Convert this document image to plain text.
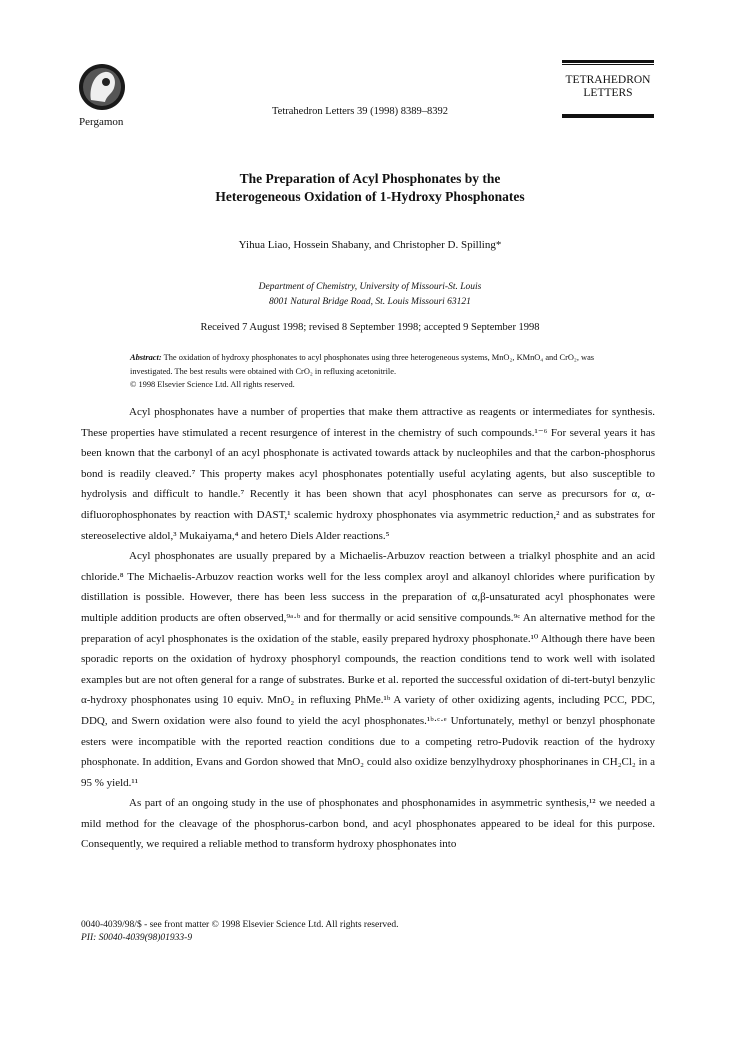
Pergamon
Tetrahedron Letters 39 (1998) 8389–8392
TETRAHEDRON
LETTERS
The Preparation of Acyl Phosphonates by the
Heterogeneous Oxidation of 1-Hydroxy Phosphonates
Yihua Liao, Hossein Shabany, and Christopher D. Spilling*
Department of Chemistry, University of Missouri-St. Louis
8001 Natural Bridge Road, St. Louis Missouri 63121
Received 7 August 1998; revised 8 September 1998; accepted 9 September 1998
Abstract: The oxidation of hydroxy phosphonates to acyl phosphonates using three heterogeneous systems, MnO₂, KMnO₄ and CrO₂, was investigated. The best results were obtained with CrO₂ in refluxing acetonitrile.
© 1998 Elsevier Science Ltd. All rights reserved.

Acyl phosphonates have a number of properties that make them attractive as reagents or intermediates for synthesis. These properties have stimulated a recent resurgence of interest in the chemistry of such compounds.¹⁻⁶ For several years it has been known that the carbonyl of an acyl phosphonate is activated towards attack by nucleophiles and that the carbon-phosphorus bond is readily cleaved.⁷ This property makes acyl phosphonates potentially useful acylating agents, but also susceptible to hydrolysis and difficult to handle.⁷ Recently it has been shown that acyl phosphonates can serve as precursors for α, α-difluorophosphonates by reaction with DAST,¹ scalemic hydroxy phosphonates via asymmetric reduction,² and as substrates for stereoselective aldol,³ Mukaiyama,⁴ and hetero Diels Alder reactions.⁵

Acyl phosphonates are usually prepared by a Michaelis-Arbuzov reaction between a trialkyl phosphite and an acid chloride.⁸ The Michaelis-Arbuzov reaction works well for the less complex aroyl and alkanoyl chlorides where purification by distillation is possible. However, there has been less success in the preparation of α,β-unsaturated acyl phosphonates were multiple addition products are often observed,⁹ᵃ·ᵇ and for thermally or acid sensitive compounds.⁹ᶜ An alternative method for the preparation of acyl phosphonates is the oxidation of the stable, easily prepared hydroxy phosphonate.¹⁰ Although there have been sporadic reports on the oxidation of hydroxy phosphoryl compounds, the reaction conditions tend to work well with isolated examples but are not often general for a range of substrates. Burke et al. reported the successful oxidation of di-tert-butyl benzylic α-hydroxy phosphonates using 10 equiv. MnO₂ in refluxing PhMe.¹ᵇ A variety of other oxidizing agents, including PCC, PDC, DDQ, and Swern oxidation were also found to yield the acyl phosphonates.¹ᵇ·ᶜ·ᵉ Unfortunately, methyl or benzyl phosphonate esters were incompatible with the reported reaction conditions due to a competing retro-Pudovik reaction of the hydroxy phosphonate. In addition, Evans and Gordon showed that MnO₂ could also oxidize benzylhydroxy phosphorinanes in CH₂Cl₂ in a 95 % yield.¹¹

As part of an ongoing study in the use of phosphonates and phosphonamides in asymmetric synthesis,¹² we needed a mild method for the cleavage of the phosphorus-carbon bond, and acyl phosphonates appeared to be ideal for this purpose. Consequently, we required a reliable method to transform hydroxy phosphonates into

0040-4039/98/$ - see front matter © 1998 Elsevier Science Ltd. All rights reserved.
PII: S0040-4039(98)01933-9
